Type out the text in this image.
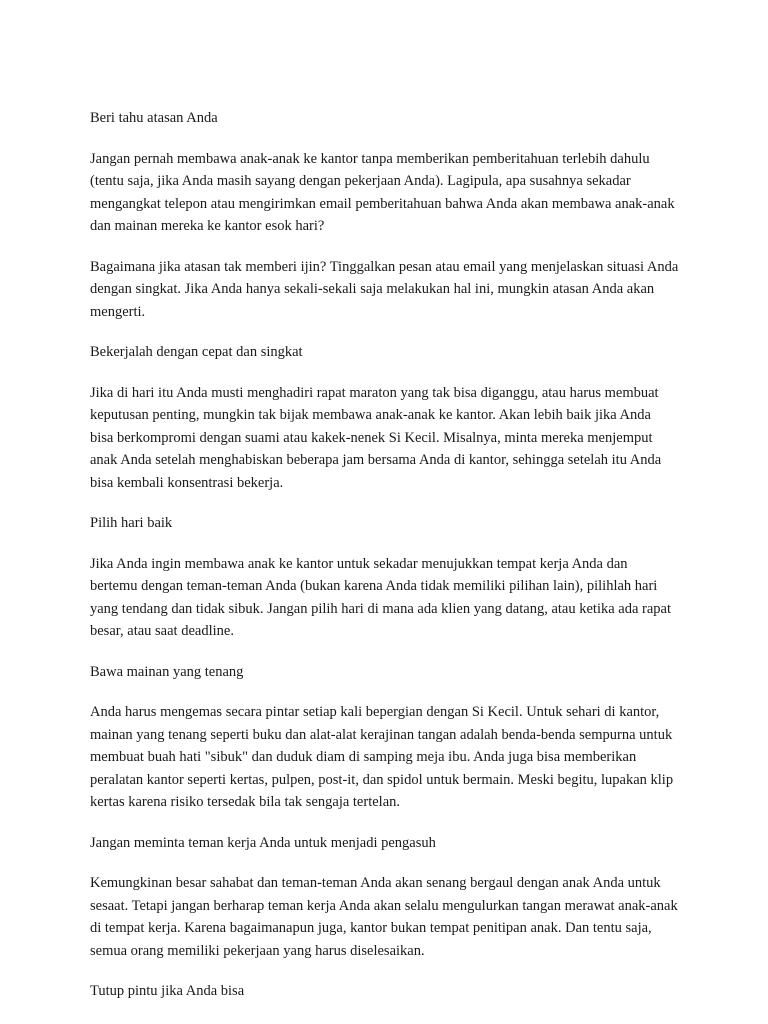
Beri tahu atasan Anda
Jangan pernah membawa anak-anak ke kantor tanpa memberikan pemberitahuan terlebih dahulu
(tentu saja, jika Anda masih sayang dengan pekerjaan Anda). Lagipula, apa susahnya sekadar
mengangkat telepon atau mengirimkan email pemberitahuan bahwa Anda akan membawa anak-anak
dan mainan mereka ke kantor esok hari?
Bagaimana jika atasan tak memberi ijin? Tinggalkan pesan atau email yang menjelaskan situasi Anda
dengan singkat. Jika Anda hanya sekali-sekali saja melakukan hal ini, mungkin atasan Anda akan
mengerti.
Bekerjalah dengan cepat dan singkat
Jika di hari itu Anda musti menghadiri rapat maraton yang tak bisa diganggu, atau harus membuat
keputusan penting, mungkin tak bijak membawa anak-anak ke kantor. Akan lebih baik jika Anda
bisa berkompromi dengan suami atau kakek-nenek Si Kecil. Misalnya, minta mereka menjemput
anak Anda setelah menghabiskan beberapa jam bersama Anda di kantor, sehingga setelah itu Anda
bisa kembali konsentrasi bekerja.
Pilih hari baik
Jika Anda ingin membawa anak ke kantor untuk sekadar menujukkan tempat kerja Anda dan
bertemu dengan teman-teman Anda (bukan karena Anda tidak memiliki pilihan lain), pilihlah hari
yang tendang dan tidak sibuk. Jangan pilih hari di mana ada klien yang datang, atau ketika ada rapat
besar, atau saat deadline.
Bawa mainan yang tenang
Anda harus mengemas secara pintar setiap kali bepergian dengan Si Kecil. Untuk sehari di kantor,
mainan yang tenang seperti buku dan alat-alat kerajinan tangan adalah benda-benda sempurna untuk
membuat buah hati "sibuk" dan duduk diam di samping meja ibu. Anda juga bisa memberikan
peralatan kantor seperti kertas, pulpen, post-it, dan spidol untuk bermain. Meski begitu, lupakan klip
kertas karena risiko tersedak bila tak sengaja tertelan.
Jangan meminta teman kerja Anda untuk menjadi pengasuh
Kemungkinan besar sahabat dan teman-teman Anda akan senang bergaul dengan anak Anda untuk
sesaat. Tetapi jangan berharap teman kerja Anda akan selalu mengulurkan tangan merawat anak-anak
di tempat kerja. Karena bagaimanapun juga, kantor bukan tempat penitipan anak. Dan tentu saja,
semua orang memiliki pekerjaan yang harus diselesaikan.
Tutup pintu jika Anda bisa
